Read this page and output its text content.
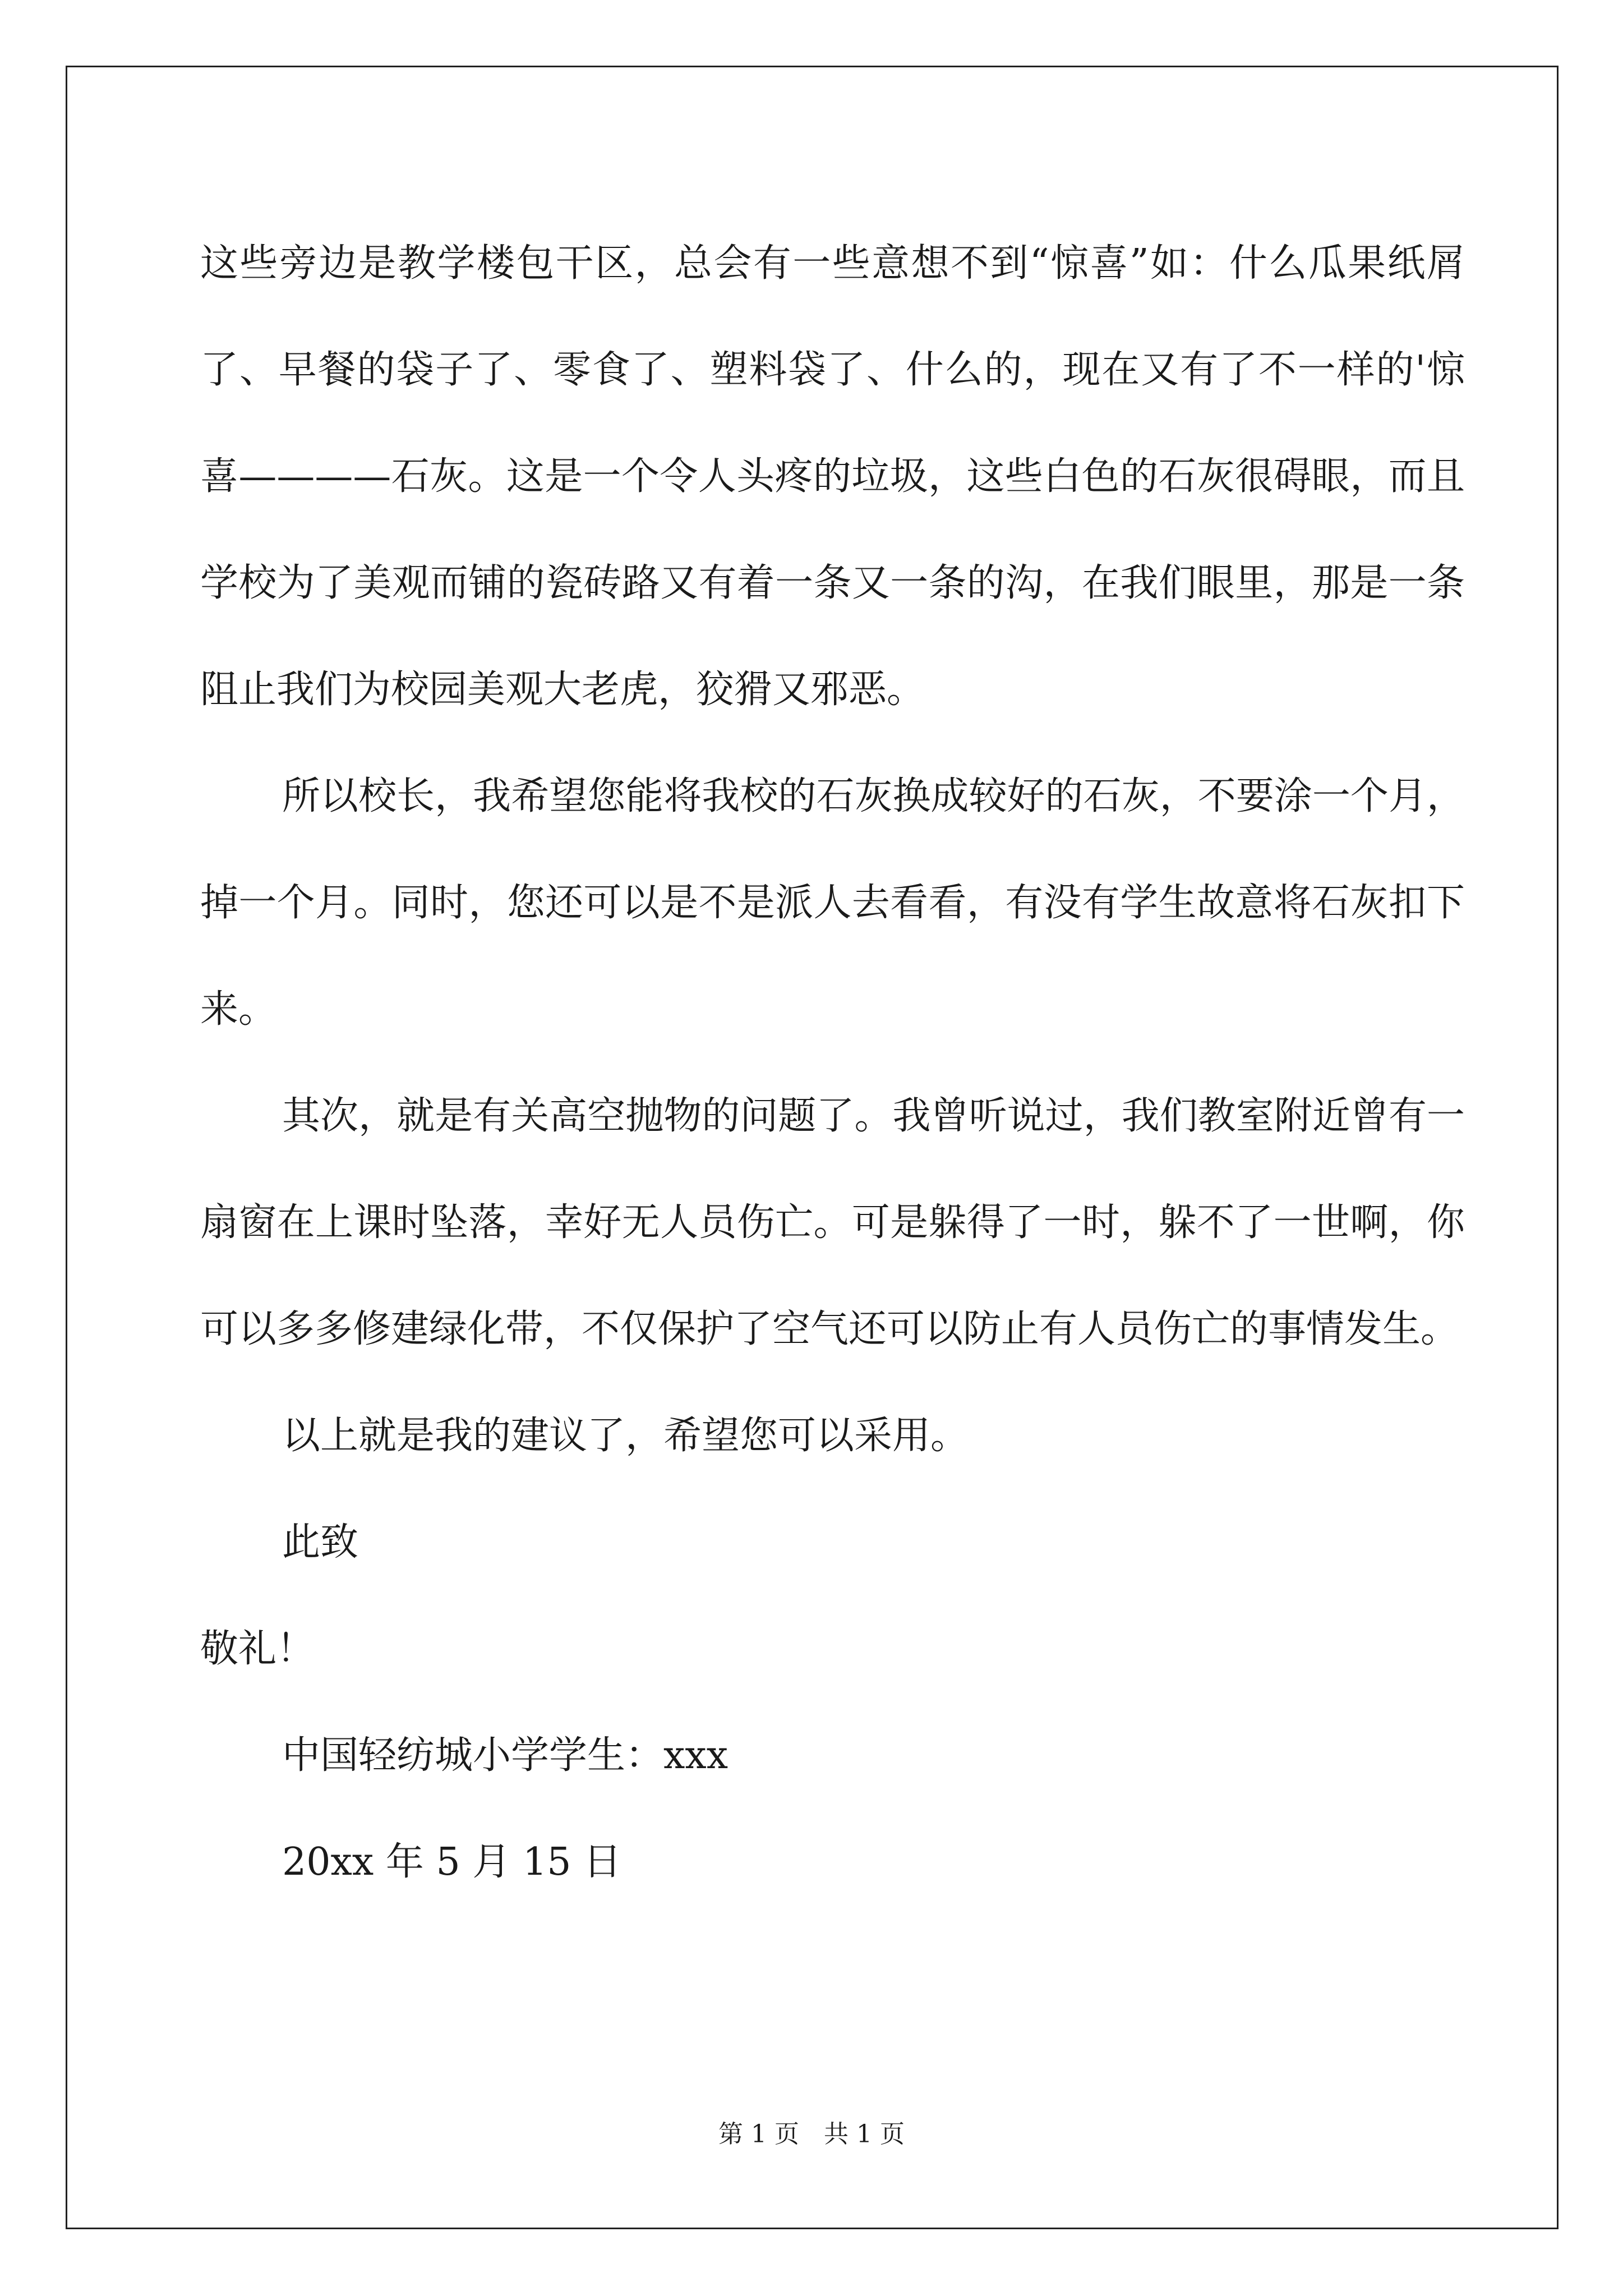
这些旁边是教学楼包干区，总会有一些意想不到“惊喜”如：什么瓜果纸屑了、早餐的袋子了、零食了、塑料袋了、什么的，现在又有了不一样的'惊喜————石灰。这是一个令人头疼的垃圾，这些白色的石灰很碍眼，而且学校为了美观而铺的瓷砖路又有着一条又一条的沟，在我们眼里，那是一条阻止我们为校园美观大老虎，狡猾又邪恶。

所以校长，我希望您能将我校的石灰换成较好的石灰，不要涂一个月，掉一个月。同时，您还可以是不是派人去看看，有没有学生故意将石灰扣下来。

其次，就是有关高空抛物的问题了。我曾听说过，我们教室附近曾有一扇窗在上课时坠落，幸好无人员伤亡。可是躲得了一时，躲不了一世啊，你可以多多修建绿化带，不仅保护了空气还可以防止有人员伤亡的事情发生。

以上就是我的建议了，希望您可以采用。

此致

敬礼！

中国轻纺城小学学生：xxx

20xx 年 5 月 15 日

第 1 页　共 1 页
